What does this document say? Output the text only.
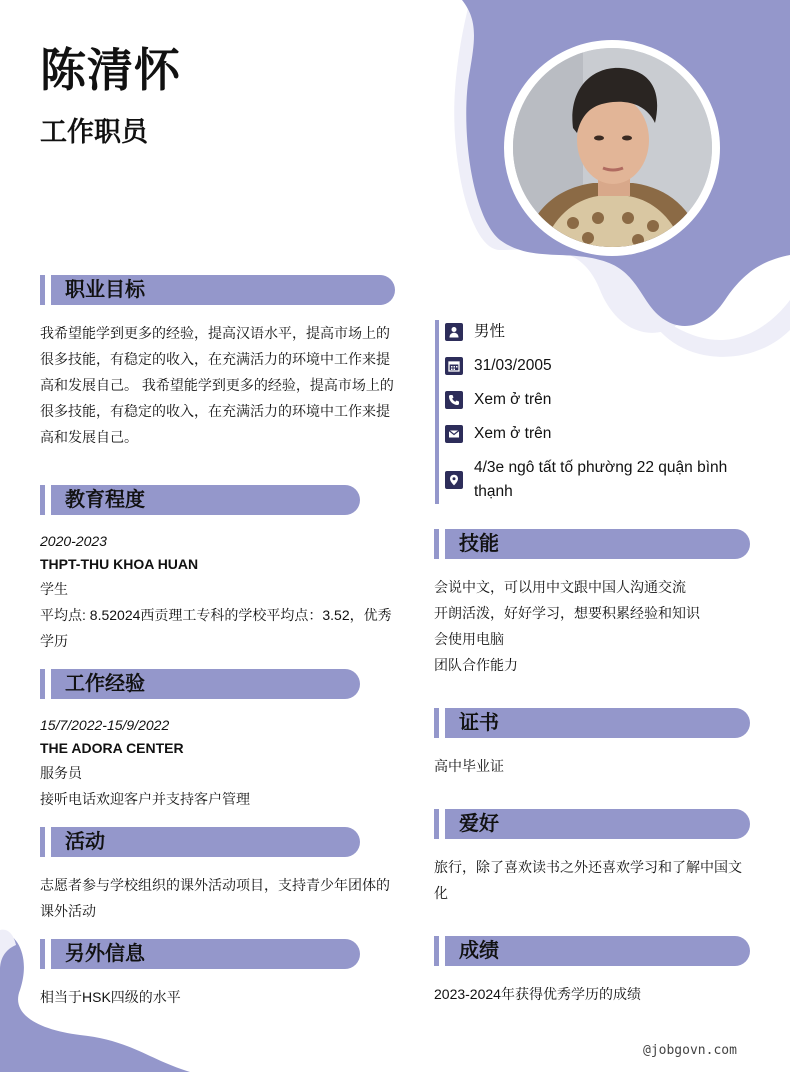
陈清怀
工作职员
职业目标
我希望能学到更多的经验，提高汉语水平，提高市场上的
很多技能，有稳定的收入，在充满活力的环境中工作来提
高和发展自己。 我希望能学到更多的经验，提高市场上的
很多技能，有稳定的收入，在充满活力的环境中工作来提
高和发展自己。
教育程度
2020-2023
THPT-THU KHOA HUAN
学生
平均点: 8.52024西贡理工专科的学校平均点：3.52，优秀
学历
工作经验
15/7/2022-15/9/2022
THE ADORA CENTER
服务员
接听电话欢迎客户并支持客户管理
活动
志愿者参与学校组织的课外活动项目，支持青少年团体的
课外活动
另外信息
相当于HSK四级的水平
男性
31/03/2005
Xem ở trên
Xem ở trên
4/3e ngô tất tố phường 22 quận bình
thạnh
技能
会说中文，可以用中文跟中国人沟通交流
开朗活泼，好好学习，想要积累经验和知识
会使用电脑
团队合作能力
证书
高中毕业证
爱好
旅行，除了喜欢读书之外还喜欢学习和了解中国文
化
成绩
2023-2024年获得优秀学历的成绩
@jobgovn.com
